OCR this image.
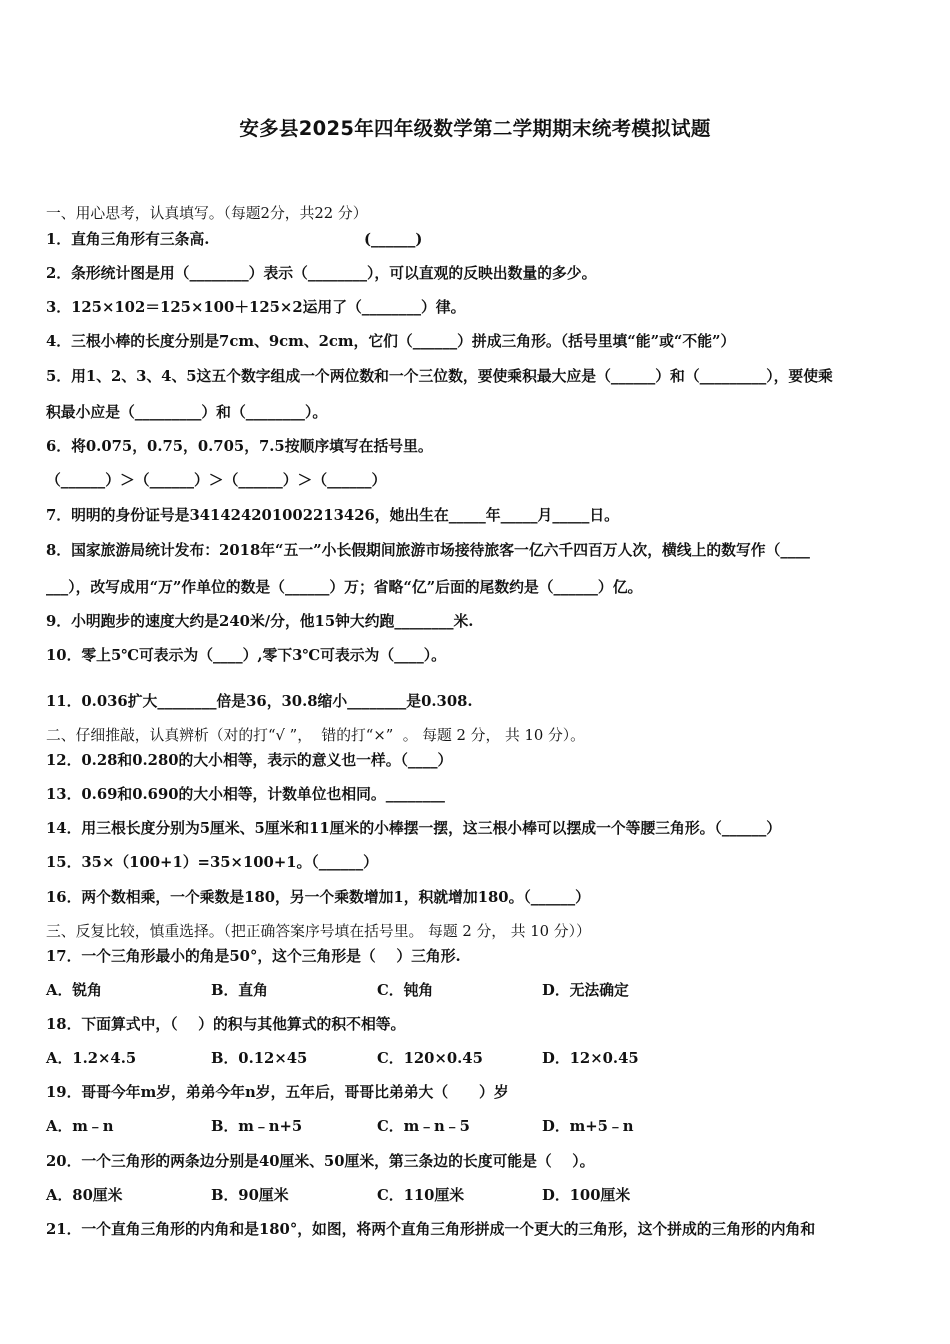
安多县2025年四年级数学第二学期期末统考模拟试题
一、用心思考，认真填写。（每题2分，共22 分）
1．直角三角形有三条高.                              (______)
2．条形统计图是用（________）表示（________），可以直观的反映出数量的多少。
3．125×102＝125×100＋125×2运用了（________）律。
4．三根小棒的长度分别是7cm、9cm、2cm，它们（______）拼成三角形。（括号里填“能”或“不能”）
5．用1、2、3、4、5这五个数字组成一个两位数和一个三位数，要使乘积最大应是（______）和（_________），要使乘
积最小应是（_________）和（________）。
6．将0.075，0.75，0.705，7.5按顺序填写在括号里。
（______）＞（______）＞（______）＞（______）
7．明明的身份证号是341424201002213426，她出生在_____年_____月_____日。
8．国家旅游局统计发布：2018年“五一”小长假期间旅游市场接待旅客一亿六千四百万人次，横线上的数写作（____
___），改写成用“万”作单位的数是（______）万；省略“亿”后面的尾数约是（______）亿。
9．小明跑步的速度大约是240米/分，他15钟大约跑________米.
10．零上5℃可表示为（____）,零下3℃可表示为（____）。
11．0.036扩大________倍是36，30.8缩小________是0.308.
二、仔细推敲，认真辨析（对的打“√ ”，  错的打“×”  。 每题 2 分， 共 10 分）。
12．0.28和0.280的大小相等，表示的意义也一样。（____）
13．0.69和0.690的大小相等，计数单位也相同。________
14．用三根长度分别为5厘米、5厘米和11厘米的小棒摆一摆，这三根小棒可以摆成一个等腰三角形。（______）
15．35×（100+1）=35×100+1。（______）
16．两个数相乘，一个乘数是180，另一个乘数增加1，积就增加180。（______）
三、反复比较，慎重选择。（把正确答案序号填在括号里。 每题 2 分， 共 10 分））
17．一个三角形最小的角是50°，这个三角形是（    ）三角形.
A．锐角	B．直角	C．钝角	D．无法确定
18．下面算式中，（    ）的积与其他算式的积不相等。
A．1.2×4.5	B．0.12×45	C．120×0.45	D．12×0.45
19．哥哥今年m岁，弟弟今年n岁，五年后，哥哥比弟弟大（      ）岁
A．m﹣n	B．m﹣n+5	C．m﹣n﹣5	D．m+5﹣n
20．一个三角形的两条边分别是40厘米、50厘米，第三条边的长度可能是（    ）。
A．80厘米	B．90厘米	C．110厘米	D．100厘米
21．一个直角三角形的内角和是180°，如图，将两个直角三角形拼成一个更大的三角形，这个拼成的三角形的内角和
